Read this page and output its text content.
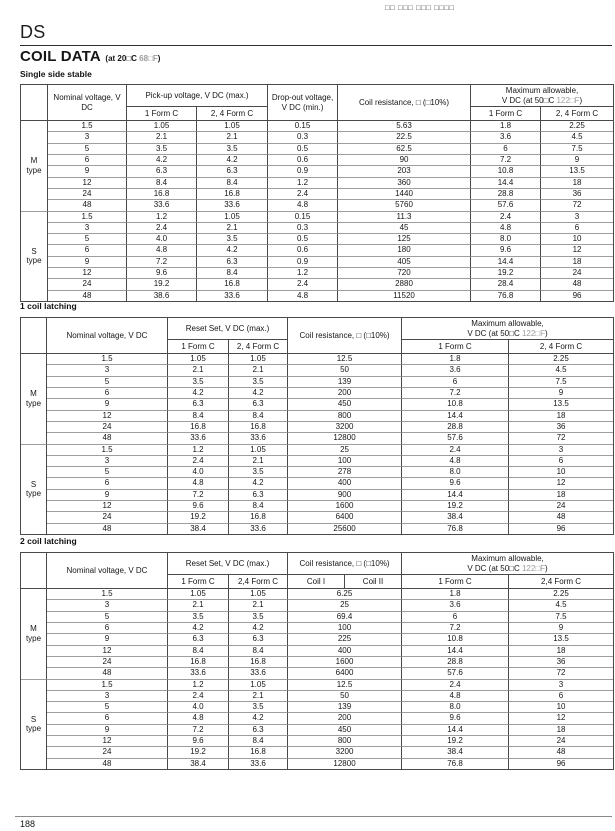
□□ □□□ □□□ □□□□
DS
COIL DATA (at 20□C 68□F)
Single side stable
	Nominal voltage, V DC	Pick-up voltage, V DC (max.)		Drop-out voltage, V DC (min.)	Coil resistance, □ (□10%)	Maximum allowable,
V DC (at 50□C 122□F)	
		1 Form C	2, 4 Form C			1 Form C	2, 4 Form C
M
type	1.5	1.05	1.05	0.15	5.63	1.8	2.25
	3	2.1	2.1	0.3	22.5	3.6	4.5
	5	3.5	3.5	0.5	62.5	6	7.5
	6	4.2	4.2	0.6	90	7.2	9
	9	6.3	6.3	0.9	203	10.8	13.5
	12	8.4	8.4	1.2	360	14.4	18
	24	16.8	16.8	2.4	1440	28.8	36
	48	33.6	33.6	4.8	5760	57.6	72
S
type	1.5	1.2	1.05	0.15	11.3	2.4	3
	3	2.4	2.1	0.3	45	4.8	6
	5	4.0	3.5	0.5	125	8.0	10
	6	4.8	4.2	0.6	180	9.6	12
	9	7.2	6.3	0.9	405	14.4	18
	12	9.6	8.4	1.2	720	19.2	24
	24	19.2	16.8	2.4	2880	28.4	48
	48	38.6	33.6	4.8	11520	76.8	96
1 coil latching
	Nominal voltage, V DC	Reset Set, V DC (max.)		Coil resistance, □ (□10%)	Maximum allowable,
V DC (at 50□C 122□F)	
		1 Form C	2, 4 Form C		1 Form C	2, 4 Form C
M
type	1.5	1.05	1.05	12.5	1.8	2.25
	3	2.1	2.1	50	3.6	4.5
	5	3.5	3.5	139	6	7.5
	6	4.2	4.2	200	7.2	9
	9	6.3	6.3	450	10.8	13.5
	12	8.4	8.4	800	14.4	18
	24	16.8	16.8	3200	28.8	36
	48	33.6	33.6	12800	57.6	72
S
type	1.5	1.2	1.05	25	2.4	3
	3	2.4	2.1	100	4.8	6
	5	4.0	3.5	278	8.0	10
	6	4.8	4.2	400	9.6	12
	9	7.2	6.3	900	14.4	18
	12	9.6	8.4	1600	19.2	24
	24	19.2	16.8	6400	38.4	48
	48	38.4	33.6	25600	76.8	96
2 coil latching
	Nominal voltage, V DC	Reset Set, V DC (max.)		Coil resistance, □ (□10%)		Maximum allowable,
V DC (at 50□C 122□F)	
		1 Form C	2,4 Form C	Coil I	Coil II	1 Form C	2,4 Form C
M
type	1.5	1.05	1.05	6.25		1.8	2.25
	3	2.1	2.1	25		3.6	4.5
	5	3.5	3.5	69.4		6	7.5
	6	4.2	4.2	100		7.2	9
	9	6.3	6.3	225		10.8	13.5
	12	8.4	8.4	400		14.4	18
	24	16.8	16.8	1600		28.8	36
	48	33.6	33.6	6400		57.6	72
S
type	1.5	1.2	1.05	12.5		2.4	3
	3	2.4	2.1	50		4.8	6
	5	4.0	3.5	139		8.0	10
	6	4.8	4.2	200		9.6	12
	9	7.2	6.3	450		14.4	18
	12	9.6	8.4	800		19.2	24
	24	19.2	16.8	3200		38.4	48
	48	38.4	33.6	12800		76.8	96
188
